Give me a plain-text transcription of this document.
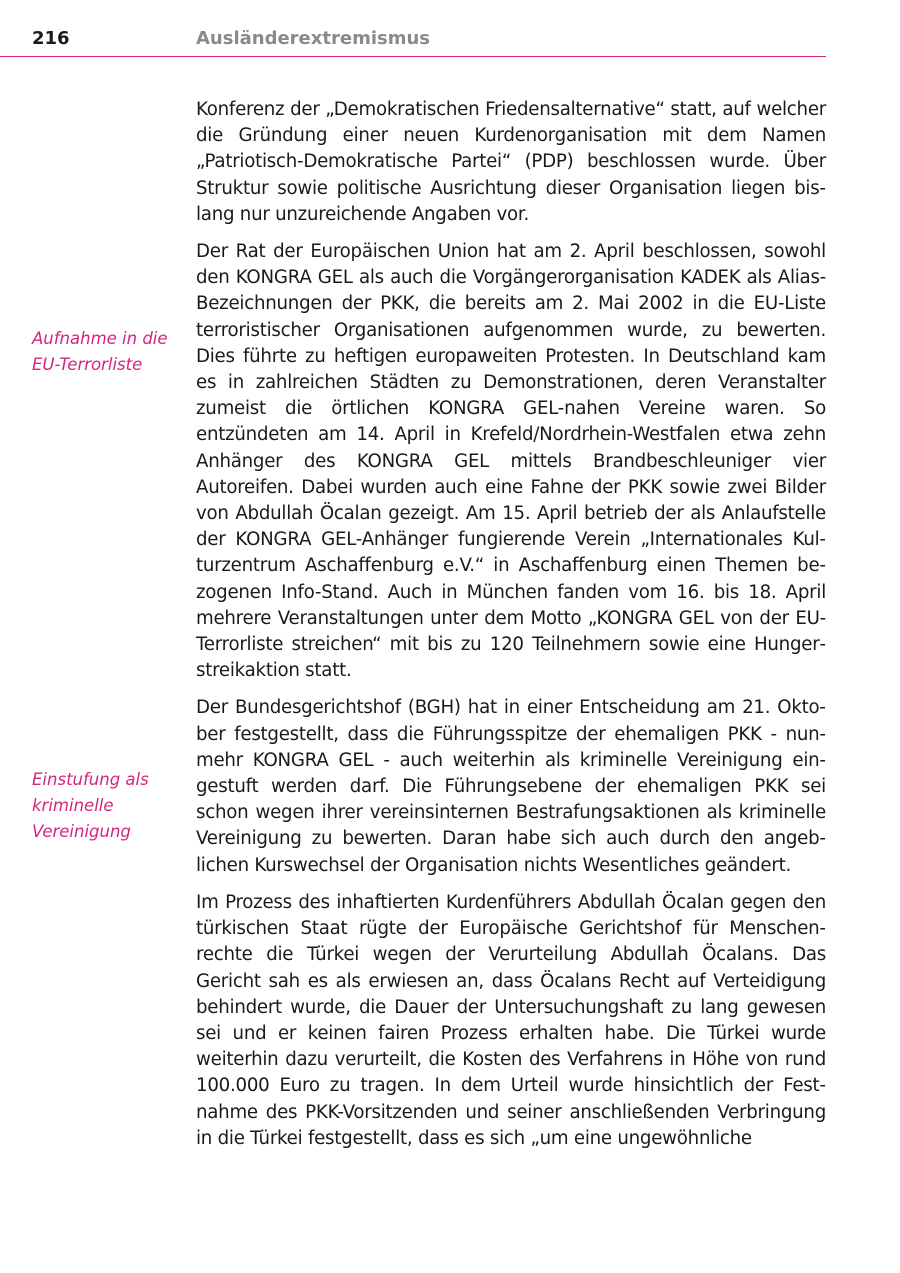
216	Ausländerextremismus
Aufnahme in die EU-Terrorliste
Einstufung als kriminelle Vereinigung

Konferenz der „Demokratischen Friedensalternative“ statt, auf welcher die Gründung einer neuen Kurdenorganisation mit dem Namen „Patriotisch-Demokratische Partei“ (PDP) beschlossen wurde. Über Struktur sowie politische Ausrichtung dieser Organisation liegen bislang nur unzureichende Angaben vor.

Der Rat der Europäischen Union hat am 2. April beschlossen, sowohl den KONGRA GEL als auch die Vorgängerorganisation KADEK als Alias-Bezeichnungen der PKK, die bereits am 2. Mai 2002 in die EU-Liste terroristischer Organisationen aufgenommen wurde, zu bewerten. Dies führte zu heftigen europaweiten Protesten. In Deutschland kam es in zahlreichen Städten zu Demonstrationen, deren Veranstalter zumeist die örtlichen KONGRA GEL-nahen Vereine waren. So entzündeten am 14. April in Krefeld/Nordrhein-Westfalen etwa zehn Anhänger des KONGRA GEL mittels Brandbeschleuniger vier Autoreifen. Dabei wurden auch eine Fahne der PKK sowie zwei Bilder von Abdullah Öcalan gezeigt. Am 15. April betrieb der als Anlaufstelle der KONGRA GEL-Anhänger fungierende Verein „Internationales Kulturzentrum Aschaffenburg e.V.“ in Aschaffenburg einen Themen bezogenen Info-Stand. Auch in München fanden vom 16. bis 18. April mehrere Veranstaltungen unter dem Motto „KONGRA GEL von der EU-Terrorliste streichen“ mit bis zu 120 Teilnehmern sowie eine Hungerstreikaktion statt.

Der Bundesgerichtshof (BGH) hat in einer Entscheidung am 21. Oktober festgestellt, dass die Führungsspitze der ehemaligen PKK - nunmehr KONGRA GEL - auch weiterhin als kriminelle Vereinigung eingestuft werden darf. Die Führungsebene der ehemaligen PKK sei schon wegen ihrer vereinsinternen Bestrafungsaktionen als kriminelle Vereinigung zu bewerten. Daran habe sich auch durch den angeblichen Kurswechsel der Organisation nichts Wesentliches geändert.

Im Prozess des inhaftierten Kurdenführers Abdullah Öcalan gegen den türkischen Staat rügte der Europäische Gerichtshof für Menschenrechte die Türkei wegen der Verurteilung Abdullah Öcalans. Das Gericht sah es als erwiesen an, dass Öcalans Recht auf Verteidigung behindert wurde, die Dauer der Untersuchungshaft zu lang gewesen sei und er keinen fairen Prozess erhalten habe. Die Türkei wurde weiterhin dazu verurteilt, die Kosten des Verfahrens in Höhe von rund 100.000 Euro zu tragen. In dem Urteil wurde hinsichtlich der Festnahme des PKK-Vorsitzenden und seiner anschließenden Verbringung in die Türkei festgestellt, dass es sich „um eine ungewöhnliche
